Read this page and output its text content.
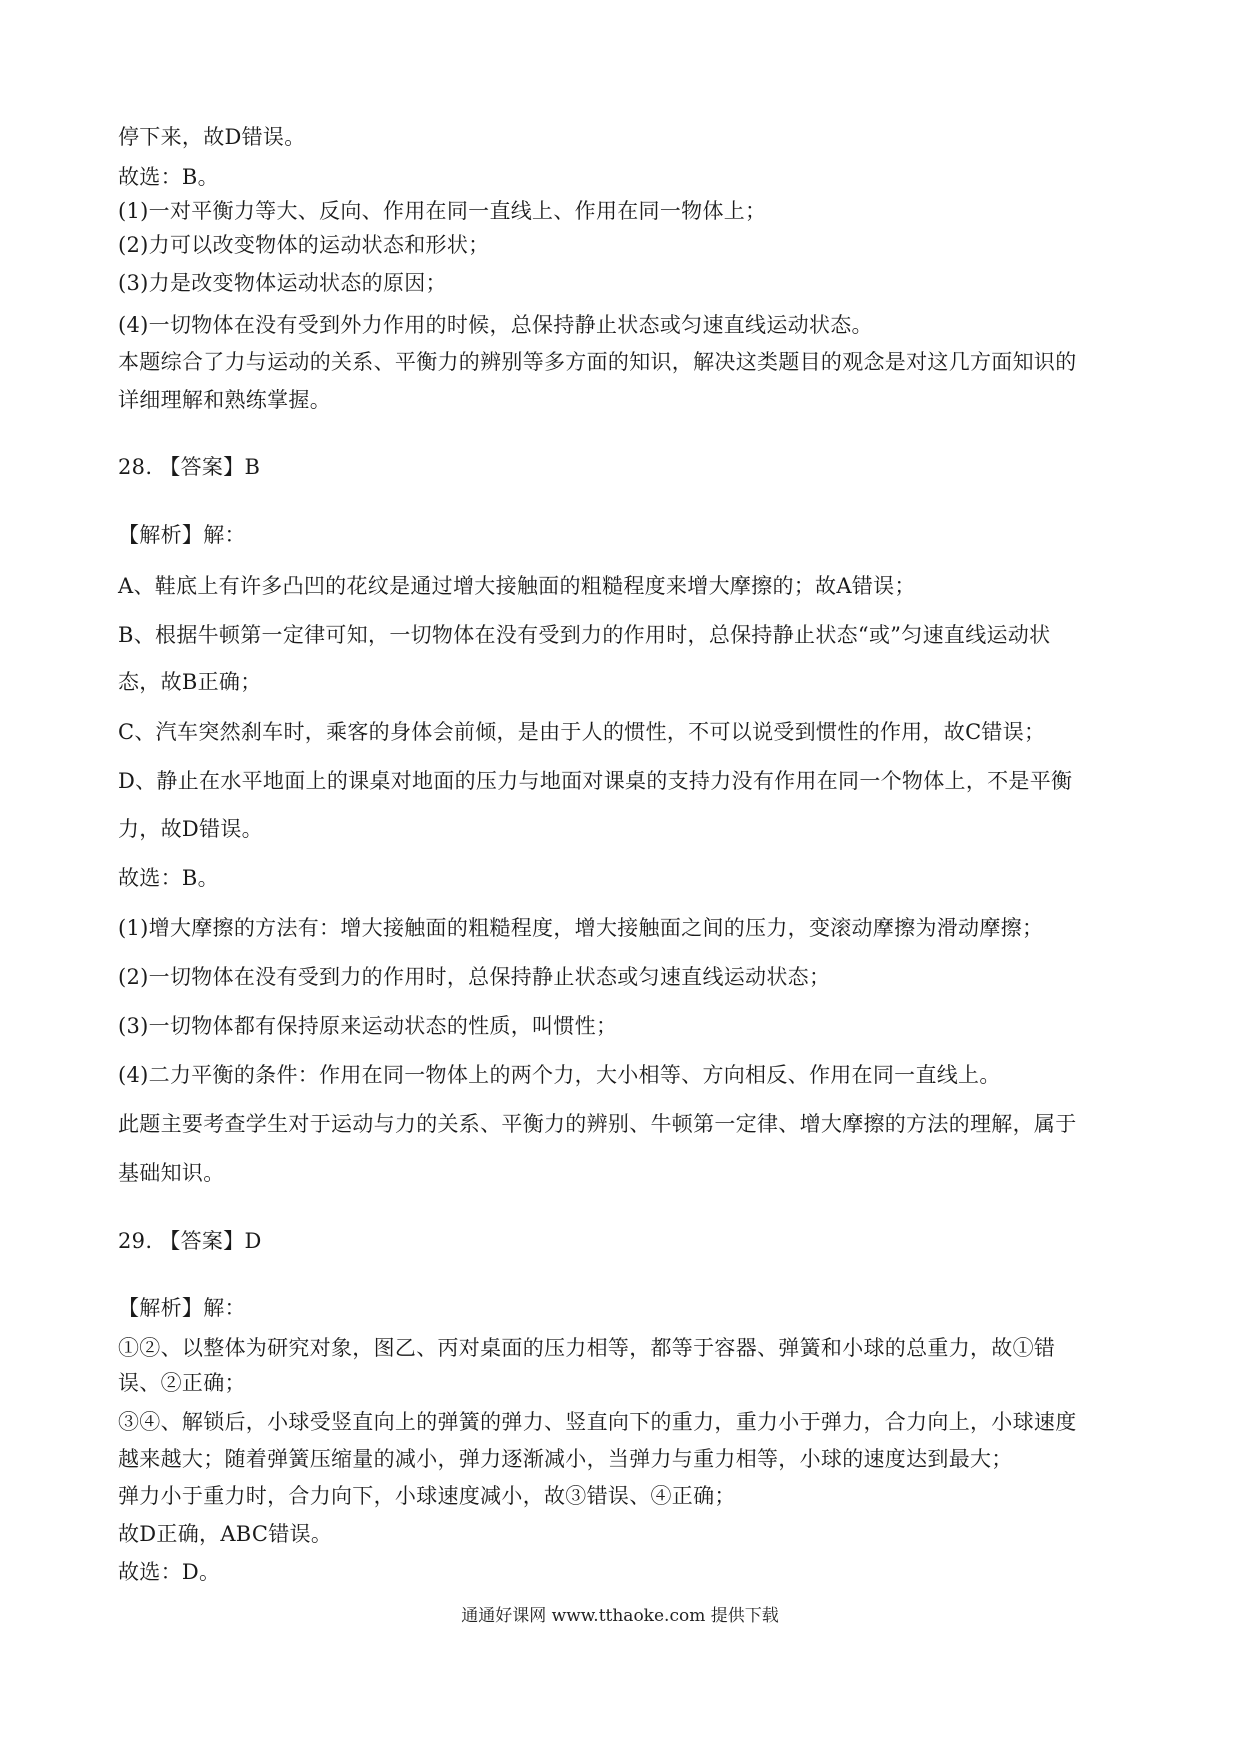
停下来，故D错误。
故选：B。
(1)一对平衡力等大、反向、作用在同一直线上、作用在同一物体上；
(2)力可以改变物体的运动状态和形状；
(3)力是改变物体运动状态的原因；
(4)一切物体在没有受到外力作用的时候，总保持静止状态或匀速直线运动状态。
本题综合了力与运动的关系、平衡力的辨别等多方面的知识，解决这类题目的观念是对这几方面知识的
详细理解和熟练掌握。
28. 【答案】B
【解析】解：
A、鞋底上有许多凸凹的花纹是通过增大接触面的粗糙程度来增大摩擦的；故A错误；
B、根据牛顿第一定律可知，一切物体在没有受到力的作用时，总保持静止状态“或”匀速直线运动状
态，故B正确；
C、汽车突然刹车时，乘客的身体会前倾，是由于人的惯性，不可以说受到惯性的作用，故C错误；
D、静止在水平地面上的课桌对地面的压力与地面对课桌的支持力没有作用在同一个物体上，不是平衡
力，故D错误。
故选：B。
(1)增大摩擦的方法有：增大接触面的粗糙程度，增大接触面之间的压力，变滚动摩擦为滑动摩擦；
(2)一切物体在没有受到力的作用时，总保持静止状态或匀速直线运动状态；
(3)一切物体都有保持原来运动状态的性质，叫惯性；
(4)二力平衡的条件：作用在同一物体上的两个力，大小相等、方向相反、作用在同一直线上。
此题主要考查学生对于运动与力的关系、平衡力的辨别、牛顿第一定律、增大摩擦的方法的理解，属于
基础知识。
29. 【答案】D
【解析】解：
①②、以整体为研究对象，图乙、丙对桌面的压力相等，都等于容器、弹簧和小球的总重力，故①错
误、②正确；
③④、解锁后，小球受竖直向上的弹簧的弹力、竖直向下的重力，重力小于弹力，合力向上，小球速度
越来越大；随着弹簧压缩量的减小，弹力逐渐减小，当弹力与重力相等，小球的速度达到最大；
弹力小于重力时，合力向下，小球速度减小，故③错误、④正确；
故D正确，ABC错误。
故选：D。
通通好课网 www.tthaoke.com 提供下载
